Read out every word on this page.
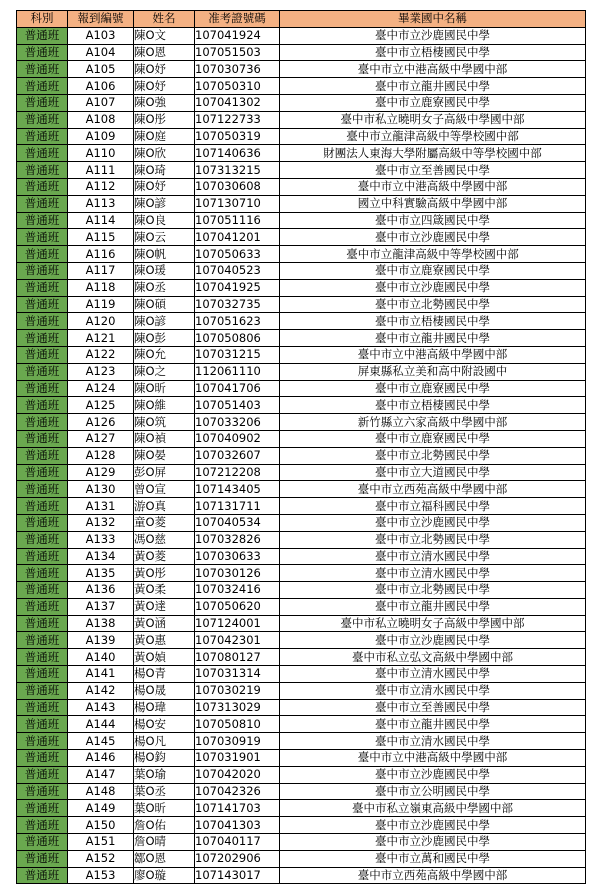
科別	報到編號	姓名	准考證號碼	畢業國中名稱
普通班	A103	陳O文	107041924	臺中市立沙鹿國民中學
普通班	A104	陳O恩	107051503	臺中市立梧棲國民中學
普通班	A105	陳O妤	107030736	臺中市立中港高級中學國中部
普通班	A106	陳O妤	107050310	臺中市立龍井國民中學
普通班	A107	陳O強	107041302	臺中市立鹿寮國民中學
普通班	A108	陳O彤	107122733	臺中市私立曉明女子高級中學國中部
普通班	A109	陳O庭	107050319	臺中市立龍津高級中等學校國中部
普通班	A110	陳O欣	107140636	財團法人東海大學附屬高級中等學校國中部
普通班	A111	陳O琦	107313215	臺中市立至善國民中學
普通班	A112	陳O妤	107030608	臺中市立中港高級中學國中部
普通班	A113	陳O諺	107130710	國立中科實驗高級中學國中部
普通班	A114	陳O良	107051116	臺中市立四箴國民中學
普通班	A115	陳O云	107041201	臺中市立沙鹿國民中學
普通班	A116	陳O帆	107050633	臺中市立龍津高級中等學校國中部
普通班	A117	陳O瑗	107040523	臺中市立鹿寮國民中學
普通班	A118	陳O丞	107041925	臺中市立沙鹿國民中學
普通班	A119	陳O碩	107032735	臺中市立北勢國民中學
普通班	A120	陳O諺	107051623	臺中市立梧棲國民中學
普通班	A121	陳O彭	107050806	臺中市立龍井國民中學
普通班	A122	陳O允	107031215	臺中市立中港高級中學國中部
普通班	A123	陳O之	112061110	屏東縣私立美和高中附設國中
普通班	A124	陳O昕	107041706	臺中市立鹿寮國民中學
普通班	A125	陳O維	107051403	臺中市立梧棲國民中學
普通班	A126	陳O筑	107033206	新竹縣立六家高級中學國中部
普通班	A127	陳O禎	107040902	臺中市立鹿寮國民中學
普通班	A128	陳O晏	107032607	臺中市立北勢國民中學
普通班	A129	彭O屏	107212208	臺中市立大道國民中學
普通班	A130	曾O宣	107143405	臺中市立西苑高級中學國中部
普通班	A131	游O真	107131711	臺中市立福科國民中學
普通班	A132	童O菱	107040534	臺中市立沙鹿國民中學
普通班	A133	馮O慈	107032826	臺中市立北勢國民中學
普通班	A134	黃O菱	107030633	臺中市立清水國民中學
普通班	A135	黃O彤	107030126	臺中市立清水國民中學
普通班	A136	黃O柔	107032416	臺中市立北勢國民中學
普通班	A137	黃O達	107050620	臺中市立龍井國民中學
普通班	A138	黃O涵	107124001	臺中市私立曉明女子高級中學國中部
普通班	A139	黃O惠	107042301	臺中市立沙鹿國民中學
普通班	A140	黃O媜	107080127	臺中市私立弘文高級中學國中部
普通班	A141	楊O青	107031314	臺中市立清水國民中學
普通班	A142	楊O晟	107030219	臺中市立清水國民中學
普通班	A143	楊O瑋	107313029	臺中市立至善國民中學
普通班	A144	楊O安	107050810	臺中市立龍井國民中學
普通班	A145	楊O凡	107030919	臺中市立清水國民中學
普通班	A146	楊O鈞	107031901	臺中市立中港高級中學國中部
普通班	A147	葉O瑜	107042020	臺中市立沙鹿國民中學
普通班	A148	葉O丞	107042326	臺中市立公明國民中學
普通班	A149	葉O昕	107141703	臺中市私立嶺東高級中學國中部
普通班	A150	詹O佑	107041303	臺中市立沙鹿國民中學
普通班	A151	詹O晴	107040117	臺中市立沙鹿國民中學
普通班	A152	鄒O恩	107202906	臺中市立萬和國民中學
普通班	A153	廖O璇	107143017	臺中市立西苑高級中學國中部
